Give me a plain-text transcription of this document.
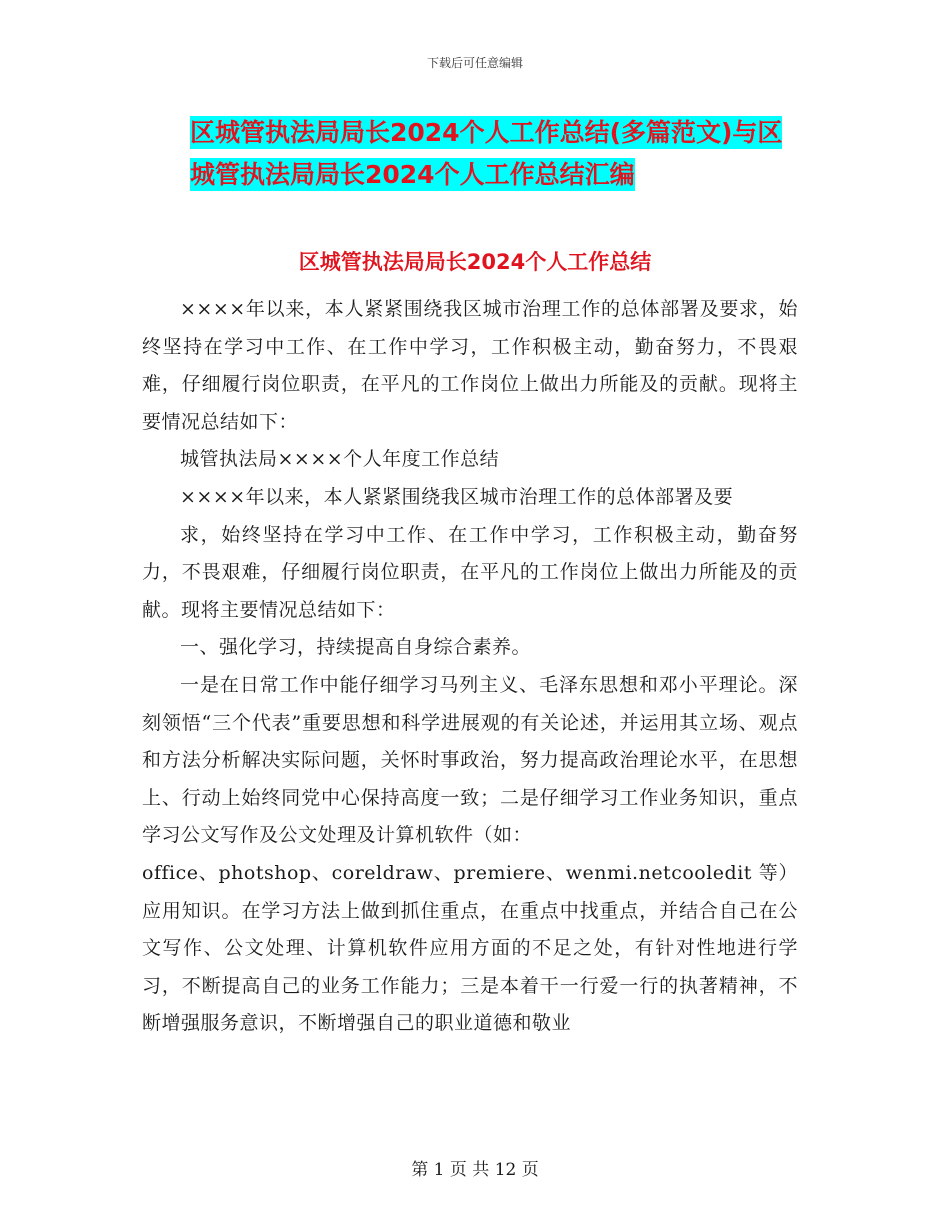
下载后可任意编辑
区城管执法局局长2024个人工作总结(多篇范文)与区
城管执法局局长2024个人工作总结汇编
区城管执法局局长2024个人工作总结

××××年以来，本人紧紧围绕我区城市治理工作的总体部署及要求，始终坚持在学习中工作、在工作中学习，工作积极主动，勤奋努力，不畏艰难，仔细履行岗位职责，在平凡的工作岗位上做出力所能及的贡献。现将主要情况总结如下：

城管执法局××××个人年度工作总结

××××年以来，本人紧紧围绕我区城市治理工作的总体部署及要

求，始终坚持在学习中工作、在工作中学习，工作积极主动，勤奋努力，不畏艰难，仔细履行岗位职责，在平凡的工作岗位上做出力所能及的贡献。现将主要情况总结如下：

一、强化学习，持续提高自身综合素养。

一是在日常工作中能仔细学习马列主义、毛泽东思想和邓小平理论。深刻领悟“三个代表”重要思想和科学进展观的有关论述，并运用其立场、观点和方法分析解决实际问题，关怀时事政治，努力提高政治理论水平，在思想上、行动上始终同党中心保持高度一致；二是仔细学习工作业务知识，重点学习公文写作及公文处理及计算机软件（如：

office、photshop、coreldraw、premiere、wenmi.netcooledit 等）应用知识。在学习方法上做到抓住重点，在重点中找重点，并结合自己在公文写作、公文处理、计算机软件应用方面的不足之处，有针对性地进行学习，不断提高自己的业务工作能力；三是本着干一行爱一行的执著精神，不断增强服务意识，不断增强自己的职业道德和敬业

第 1 页 共 12 页
